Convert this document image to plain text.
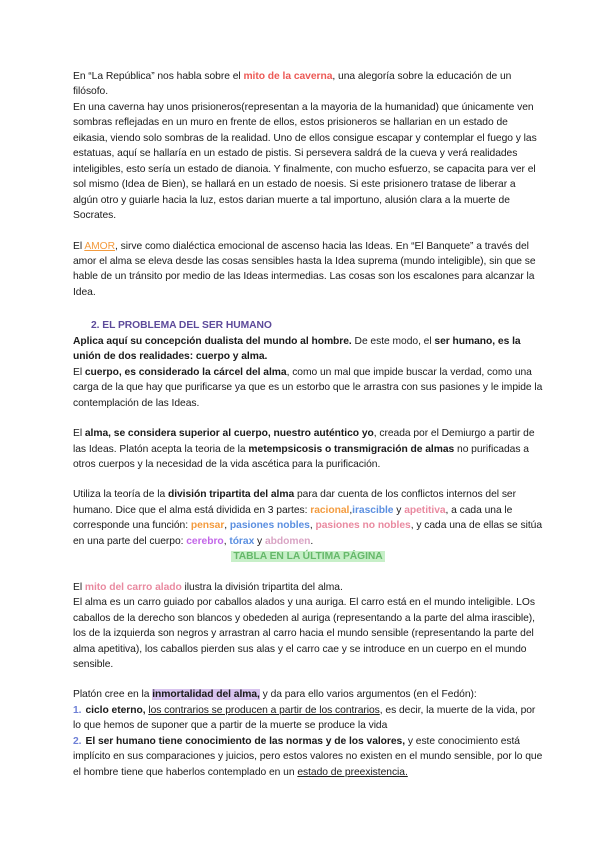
En “La República” nos habla sobre el mito de la caverna, una alegoría sobre la educación de un filósofo.

En una caverna hay unos prisioneros(representan a la mayoria de la humanidad) que únicamente ven sombras reflejadas en un muro en frente de ellos, estos prisioneros se hallarian en un estado de eikasia, viendo solo sombras de la realidad. Uno de ellos consigue escapar y contemplar el fuego y las estatuas, aquí se hallaría en un estado de pistis. Si persevera saldrá de la cueva y verá realidades inteligibles, esto sería un estado de dianoia. Y finalmente, con mucho esfuerzo, se capacita para ver el sol mismo (Idea de Bien), se hallará en un estado de noesis. Si este prisionero tratase de liberar a algún otro y guiarle hacia la luz, estos darian muerte a tal importuno, alusión clara a la muerte de Socrates.

El AMOR, sirve como dialéctica emocional de ascenso hacia las Ideas. En “El Banquete” a través del amor el alma se eleva desde las cosas sensibles hasta la Idea suprema (mundo inteligible), sin que se hable de un tránsito por medio de las Ideas intermedias. Las cosas son los escalones para alcanzar la Idea.

2. EL PROBLEMA DEL SER HUMANO

Aplica aquí su concepción dualista del mundo al hombre. De este modo, el ser humano, es la unión de dos realidades: cuerpo y alma.

El cuerpo, es considerado la cárcel del alma, como un mal que impide buscar la verdad, como una carga de la que hay que purificarse ya que es un estorbo que le arrastra con sus pasiones y le impide la contemplación de las Ideas.

El alma, se considera superior al cuerpo, nuestro auténtico yo, creada por el Demiurgo a partir de las Ideas. Platón acepta la teoria de la metempsicosis o transmigración de almas no purificadas a otros cuerpos y la necesidad de la vida ascética para la purificación.

Utiliza la teoría de la división tripartita del alma para dar cuenta de los conflictos internos del ser humano. Dice que el alma está dividida en 3 partes: racional,irascible y apetitiva, a cada una le corresponde una función: pensar, pasiones nobles, pasiones no nobles, y cada una de ellas se sitúa en una parte del cuerpo: cerebro, tórax y abdomen.

TABLA EN LA ÚLTIMA PÁGINA

El mito del carro alado ilustra la división tripartita del alma.

El alma es un carro guiado por caballos alados y una auriga. El carro está en el mundo inteligible. LOs caballos de la derecho son blancos y obededen al auriga (representando a la parte del alma irascible), los de la izquierda son negros y arrastran al carro hacia el mundo sensible (representando la parte del alma apetitiva), los caballos pierden sus alas y el carro cae y se introduce en un cuerpo en el mundo sensible.

Platón cree en la inmortalidad del alma, y da para ello varios argumentos (en el Fedón):

1. ciclo eterno, los contrarios se producen a partir de los contrarios, es decir, la muerte de la vida, por lo que hemos de suponer que a partir de la muerte se produce la vida

2. El ser humano tiene conocimiento de las normas y de los valores, y este conocimiento está implícito en sus comparaciones y juicios, pero estos valores no existen en el mundo sensible, por lo que el hombre tiene que haberlos contemplado en un estado de preexistencia.
